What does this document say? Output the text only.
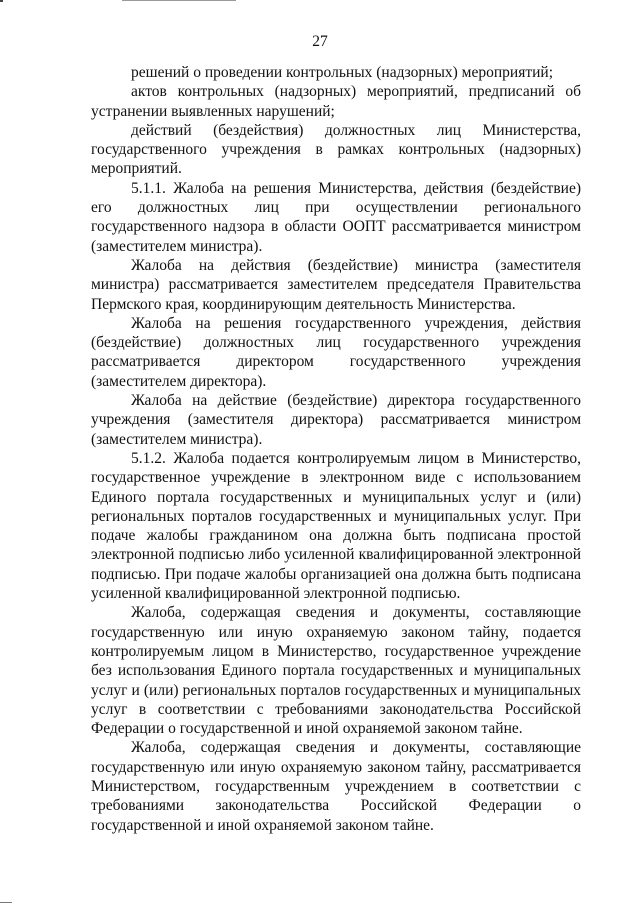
27

решений о проведении контрольных (надзорных) мероприятий;

актов контрольных (надзорных) мероприятий, предписаний об устранении выявленных нарушений;

действий (бездействия) должностных лиц Министерства, государственного учреждения в рамках контрольных (надзорных) мероприятий.

5.1.1. Жалоба на решения Министерства, действия (бездействие) его должностных лиц при осуществлении регионального государственного надзора в области ООПТ рассматривается министром (заместителем министра).

Жалоба на действия (бездействие) министра (заместителя министра) рассматривается заместителем председателя Правительства Пермского края, координирующим деятельность Министерства.

Жалоба на решения государственного учреждения, действия (бездействие) должностных лиц государственного учреждения рассматривается директором государственного учреждения (заместителем директора).

Жалоба на действие (бездействие) директора государственного учреждения (заместителя директора) рассматривается министром (заместителем министра).

5.1.2. Жалоба подается контролируемым лицом в Министерство, государственное учреждение в электронном виде с использованием Единого портала государственных и муниципальных услуг и (или) региональных порталов государственных и муниципальных услуг. При подаче жалобы гражданином она должна быть подписана простой электронной подписью либо усиленной квалифицированной электронной подписью. При подаче жалобы организацией она должна быть подписана усиленной квалифицированной электронной подписью.

Жалоба, содержащая сведения и документы, составляющие государственную или иную охраняемую законом тайну, подается контролируемым лицом в Министерство, государственное учреждение без использования Единого портала государственных и муниципальных услуг и (или) региональных порталов государственных и муниципальных услуг в соответствии с требованиями законодательства Российской Федерации о государственной и иной охраняемой законом тайне.

Жалоба, содержащая сведения и документы, составляющие государственную или иную охраняемую законом тайну, рассматривается Министерством, государственным учреждением в соответствии с требованиями законодательства Российской Федерации о государственной и иной охраняемой законом тайне.
